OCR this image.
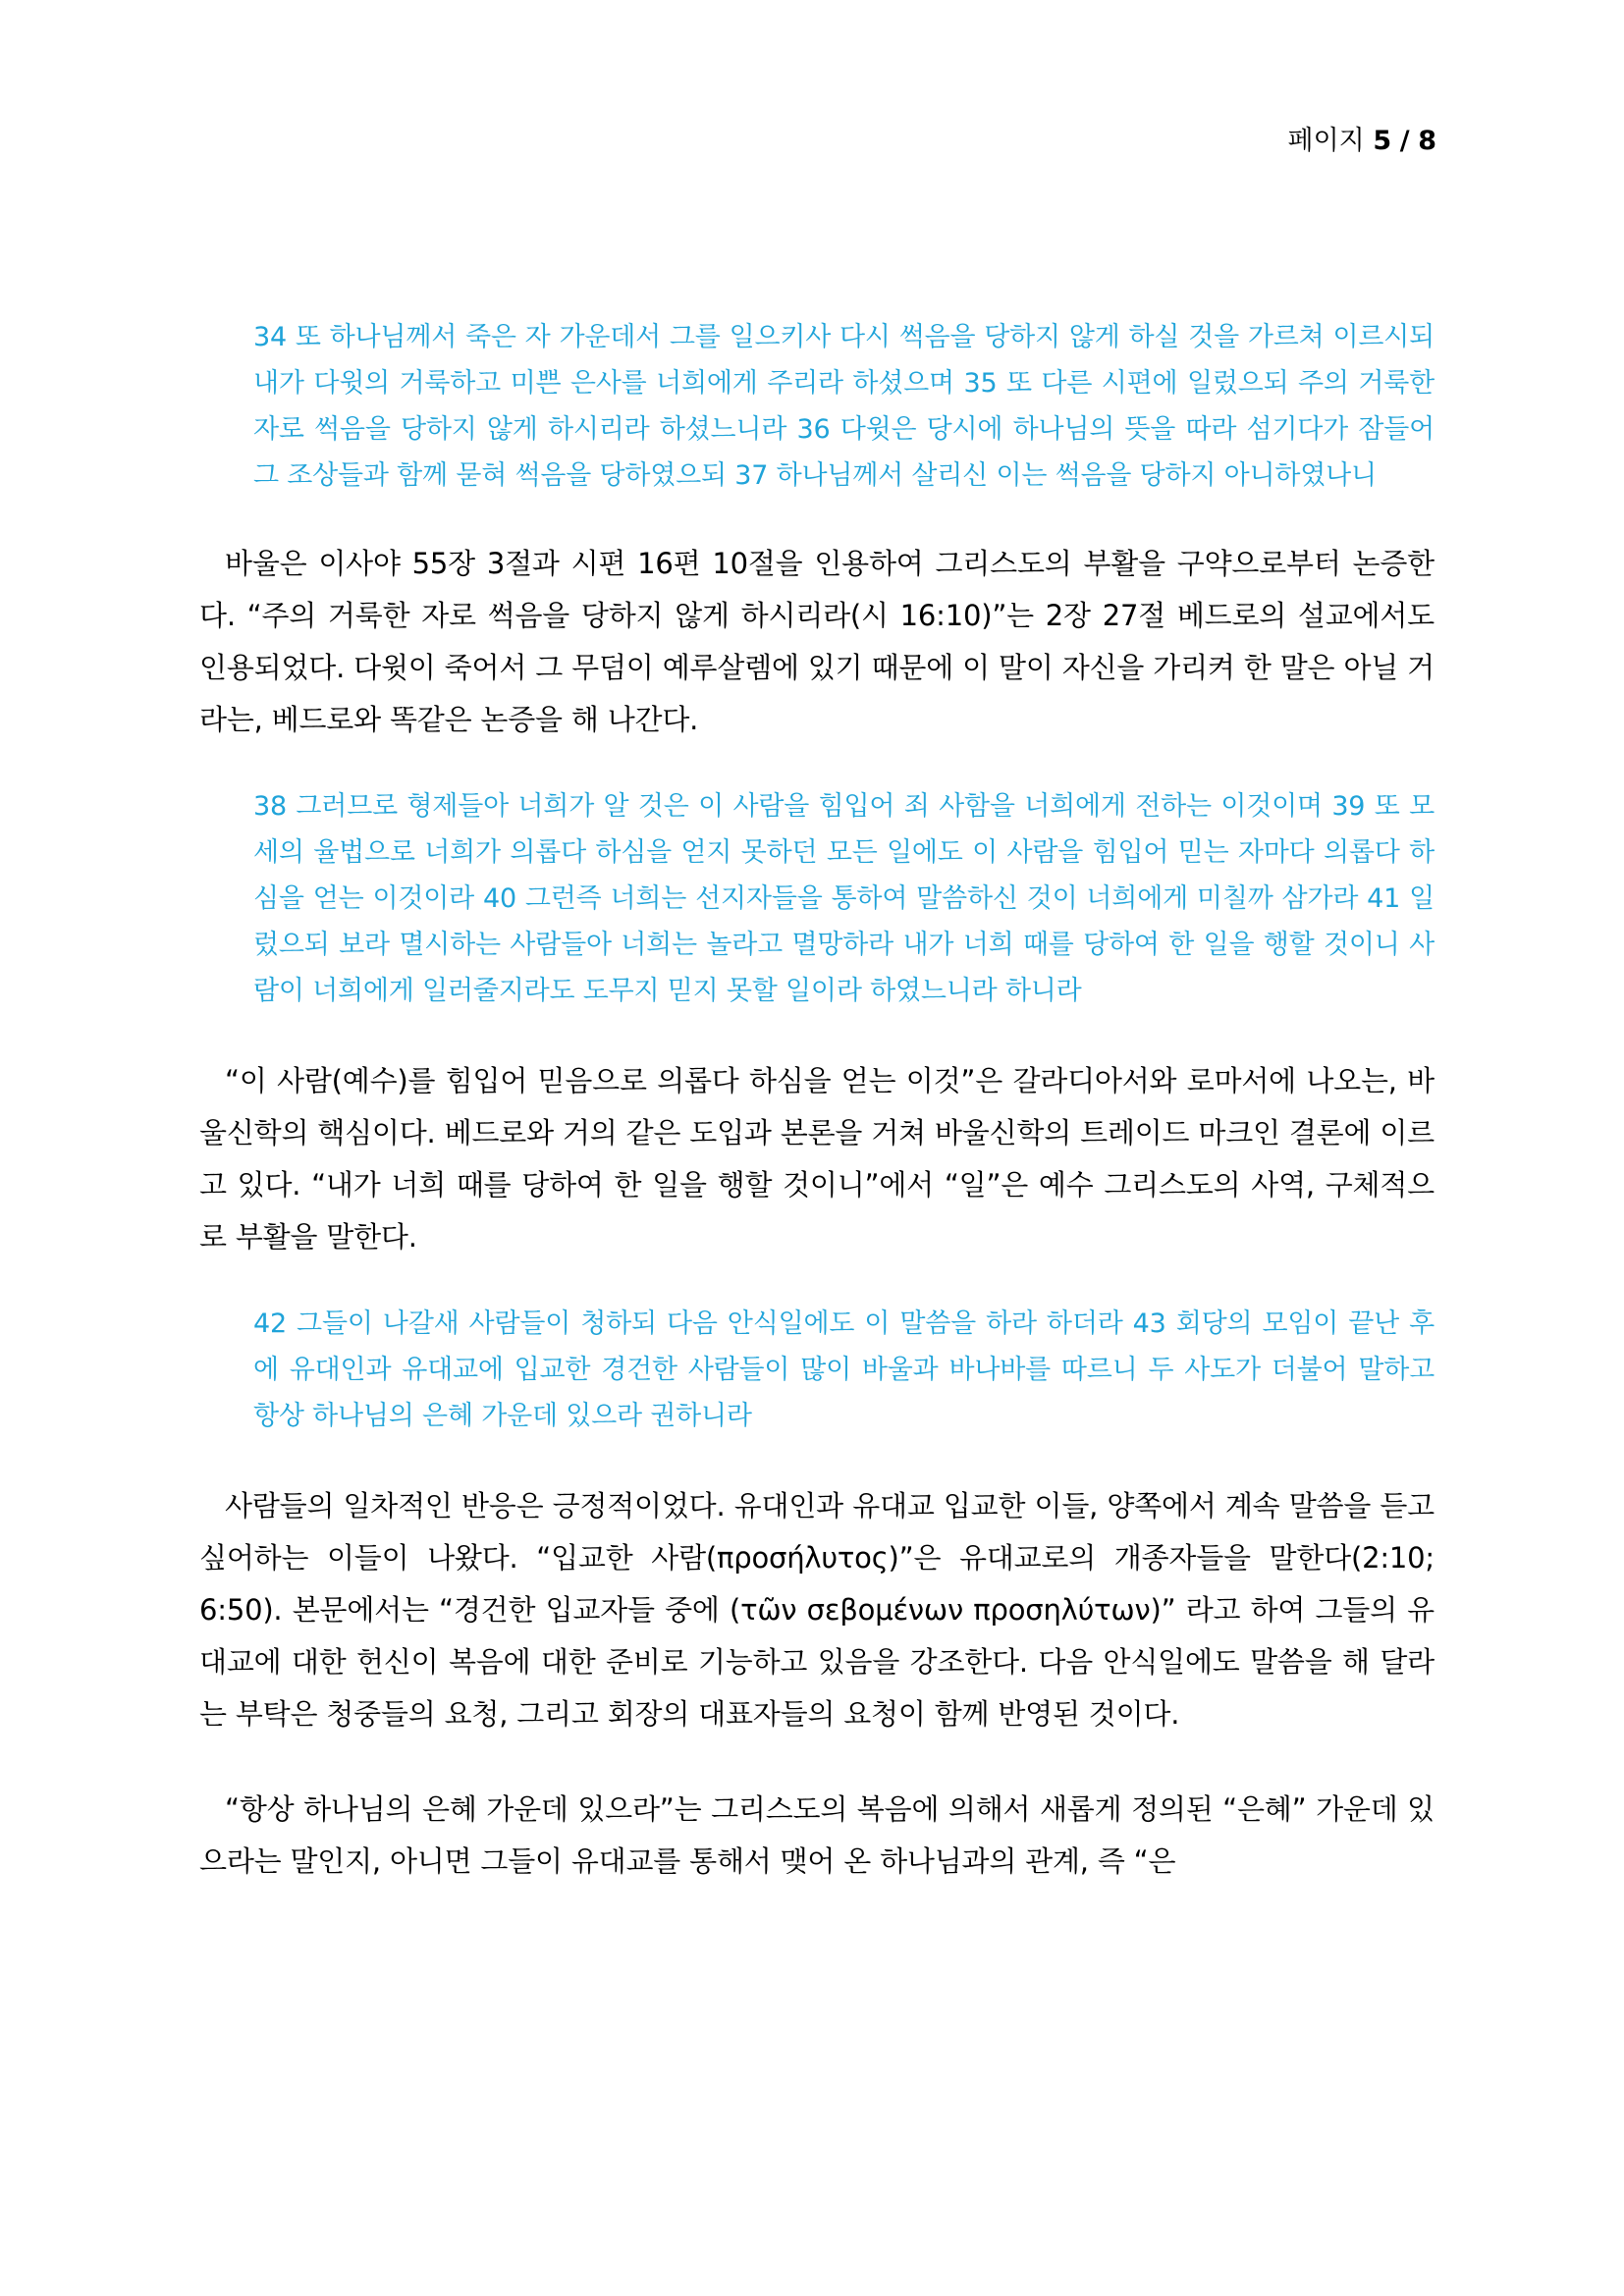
페이지 5 / 8
34 또 하나님께서 죽은 자 가운데서 그를 일으키사 다시 썩음을 당하지 않게 하실 것을 가르쳐 이르시되 내가 다윗의 거룩하고 미쁜 은사를 너희에게 주리라 하셨으며 35 또 다른 시편에 일렀으되 주의 거룩한 자로 썩음을 당하지 않게 하시리라 하셨느니라 36 다윗은 당시에 하나님의 뜻을 따라 섬기다가 잠들어 그 조상들과 함께 묻혀 썩음을 당하였으되 37 하나님께서 살리신 이는 썩음을 당하지 아니하였나니
바울은 이사야 55장 3절과 시편 16편 10절을 인용하여 그리스도의 부활을 구약으로부터 논증한다. “주의 거룩한 자로 썩음을 당하지 않게 하시리라(시 16:10)”는 2장 27절 베드로의 설교에서도 인용되었다. 다윗이 죽어서 그 무덤이 예루살렘에 있기 때문에 이 말이 자신을 가리켜 한 말은 아닐 거라는, 베드로와 똑같은 논증을 해 나간다.
38 그러므로 형제들아 너희가 알 것은 이 사람을 힘입어 죄 사함을 너희에게 전하는 이것이며 39 또 모세의 율법으로 너희가 의롭다 하심을 얻지 못하던 모든 일에도 이 사람을 힘입어 믿는 자마다 의롭다 하심을 얻는 이것이라 40 그런즉 너희는 선지자들을 통하여 말씀하신 것이 너희에게 미칠까 삼가라 41 일렀으되 보라 멸시하는 사람들아 너희는 놀라고 멸망하라 내가 너희 때를 당하여 한 일을 행할 것이니 사람이 너희에게 일러줄지라도 도무지 믿지 못할 일이라 하였느니라 하니라
“이 사람(예수)를 힘입어 믿음으로 의롭다 하심을 얻는 이것”은 갈라디아서와 로마서에 나오는, 바울신학의 핵심이다. 베드로와 거의 같은 도입과 본론을 거쳐 바울신학의 트레이드 마크인 결론에 이르고 있다. “내가 너희 때를 당하여 한 일을 행할 것이니”에서 “일”은 예수 그리스도의 사역, 구체적으로 부활을 말한다.
42 그들이 나갈새 사람들이 청하되 다음 안식일에도 이 말씀을 하라 하더라 43 회당의 모임이 끝난 후에 유대인과 유대교에 입교한 경건한 사람들이 많이 바울과 바나바를 따르니 두 사도가 더불어 말하고 항상 하나님의 은혜 가운데 있으라 권하니라
사람들의 일차적인 반응은 긍정적이었다. 유대인과 유대교 입교한 이들, 양쪽에서 계속 말씀을 듣고 싶어하는 이들이 나왔다. “입교한 사람(προσήλυτος)”은 유대교로의 개종자들을 말한다(2:10; 6:50). 본문에서는 “경건한 입교자들 중에 (τῶν σεβομένων προσηλύτων)” 라고 하여 그들의 유대교에 대한 헌신이 복음에 대한 준비로 기능하고 있음을 강조한다. 다음 안식일에도 말씀을 해 달라는 부탁은 청중들의 요청, 그리고 회장의 대표자들의 요청이 함께 반영된 것이다.
“항상 하나님의 은혜 가운데 있으라”는 그리스도의 복음에 의해서 새롭게 정의된 “은혜” 가운데 있으라는 말인지, 아니면 그들이 유대교를 통해서 맺어 온 하나님과의 관계, 즉 “은
